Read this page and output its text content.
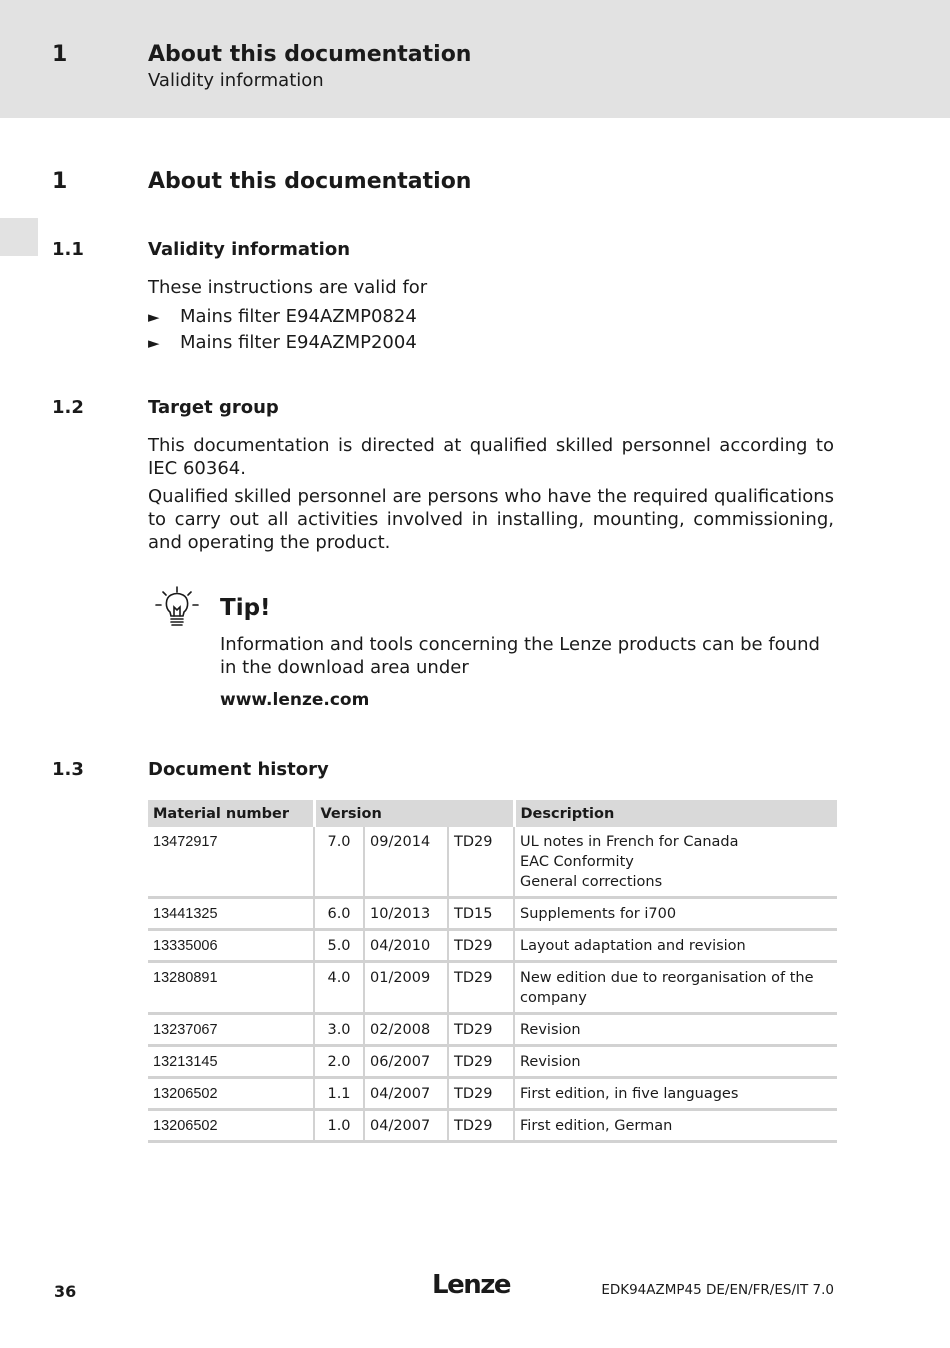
1	About this documentation
Validity information
1	About this documentation
1.1	Validity information
These instructions are valid for
► Mains filter E94AZMP0824
► Mains filter E94AZMP2004
1.2	Target group
This documentation is directed at qualified skilled personnel according to IEC 60364.
Qualified skilled personnel are persons who have the required qualifications to carry out all activities involved in installing, mounting, commissioning, and operating the product.
Tip!
Information and tools concerning the Lenze products can be found in the download area under
www.lenze.com
1.3	Document history
Material number	Version			Description
13472917	7.0	09/2014	TD29	UL notes in French for Canada
EAC Conformity
General corrections

13441325	6.0	10/2013	TD15	Supplements for i700

13335006	5.0	04/2010	TD29	Layout adaptation and revision

13280891	4.0	01/2009	TD29	New edition due to reorganisation of the company

13237067	3.0	02/2008	TD29	Revision

13213145	2.0	06/2007	TD29	Revision

13206502	1.1	04/2007	TD29	First edition, in five languages

13206502	1.0	04/2007	TD29	First edition, German
36	Lenze	EDK94AZMP45 DE/EN/FR/ES/IT 7.0
